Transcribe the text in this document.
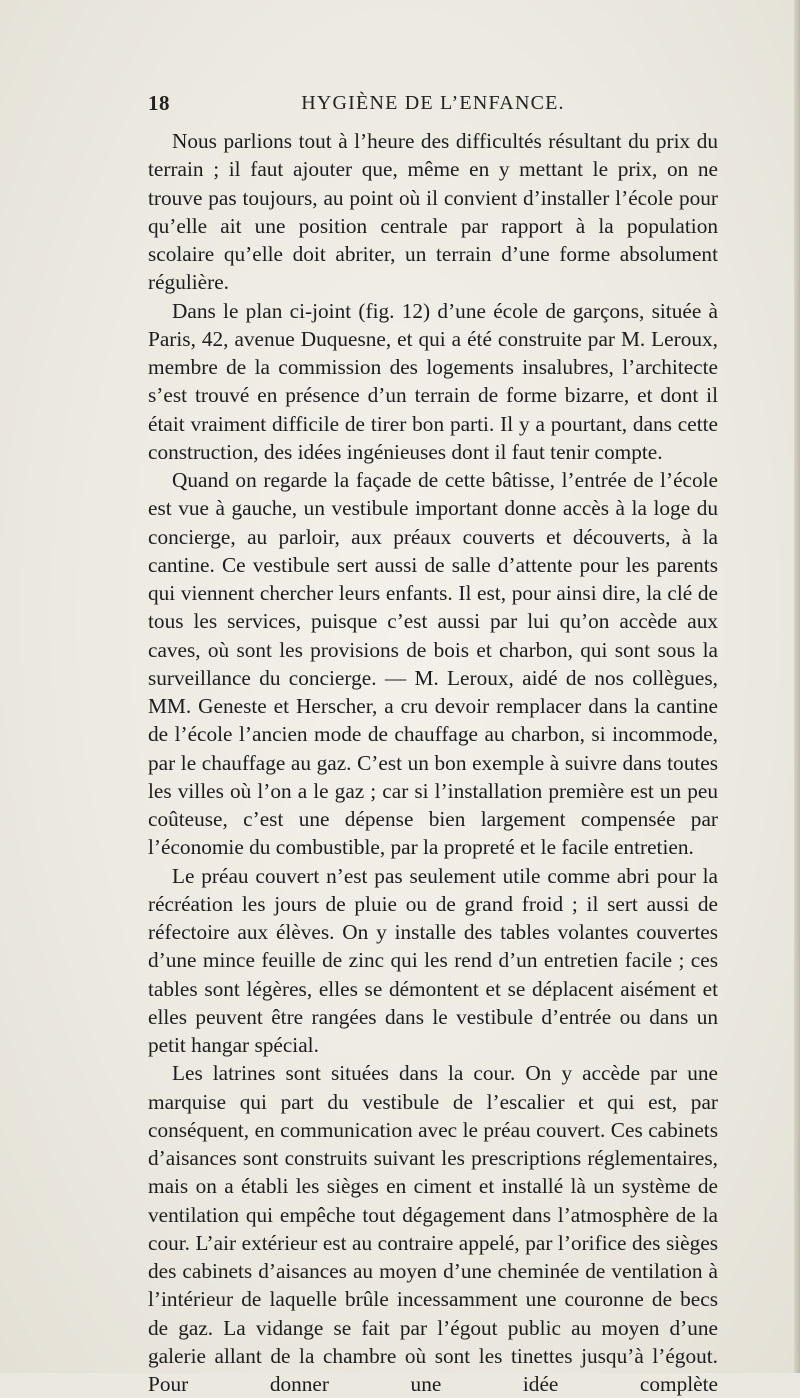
18	HYGIÈNE DE L’ENFANCE.

Nous parlions tout à l’heure des difficultés résultant du prix du terrain ; il faut ajouter que, même en y mettant le prix, on ne trouve pas toujours, au point où il convient d’installer l’école pour qu’elle ait une position centrale par rapport à la population scolaire qu’elle doit abriter, un terrain d’une forme absolument régulière.

Dans le plan ci-joint (fig. 12) d’une école de garçons, située à Paris, 42, avenue Duquesne, et qui a été construite par M. Leroux, membre de la commission des logements insalubres, l’architecte s’est trouvé en présence d’un terrain de forme bizarre, et dont il était vraiment difficile de tirer bon parti. Il y a pourtant, dans cette construction, des idées ingénieuses dont il faut tenir compte.

Quand on regarde la façade de cette bâtisse, l’entrée de l’école est vue à gauche, un vestibule important donne accès à la loge du concierge, au parloir, aux préaux couverts et découverts, à la cantine. Ce vestibule sert aussi de salle d’attente pour les parents qui viennent chercher leurs enfants. Il est, pour ainsi dire, la clé de tous les services, puisque c’est aussi par lui qu’on accède aux caves, où sont les provisions de bois et charbon, qui sont sous la surveillance du concierge. — M. Leroux, aidé de nos collègues, MM. Geneste et Herscher, a cru devoir remplacer dans la cantine de l’école l’ancien mode de chauffage au charbon, si incommode, par le chauffage au gaz. C’est un bon exemple à suivre dans toutes les villes où l’on a le gaz ; car si l’installation première est un peu coûteuse, c’est une dépense bien largement compensée par l’économie du combustible, par la propreté et le facile entretien.

Le préau couvert n’est pas seulement utile comme abri pour la récréation les jours de pluie ou de grand froid ; il sert aussi de réfectoire aux élèves. On y installe des tables volantes couvertes d’une mince feuille de zinc qui les rend d’un entretien facile ; ces tables sont légères, elles se démontent et se déplacent aisément et elles peuvent être rangées dans le vestibule d’entrée ou dans un petit hangar spécial.

Les latrines sont situées dans la cour. On y accède par une marquise qui part du vestibule de l’escalier et qui est, par conséquent, en communication avec le préau couvert. Ces cabinets d’aisances sont construits suivant les prescriptions réglementaires, mais on a établi les sièges en ciment et installé là un système de ventilation qui empêche tout dégagement dans l’atmosphère de la cour. L’air extérieur est au contraire appelé, par l’orifice des sièges des cabinets d’aisances au moyen d’une cheminée de ventilation à l’intérieur de laquelle brûle incessamment une couronne de becs de gaz. La vidange se fait par l’égout public au moyen d’une galerie allant de la chambre où sont les tinettes jusqu’à l’égout. Pour donner une idée complète
